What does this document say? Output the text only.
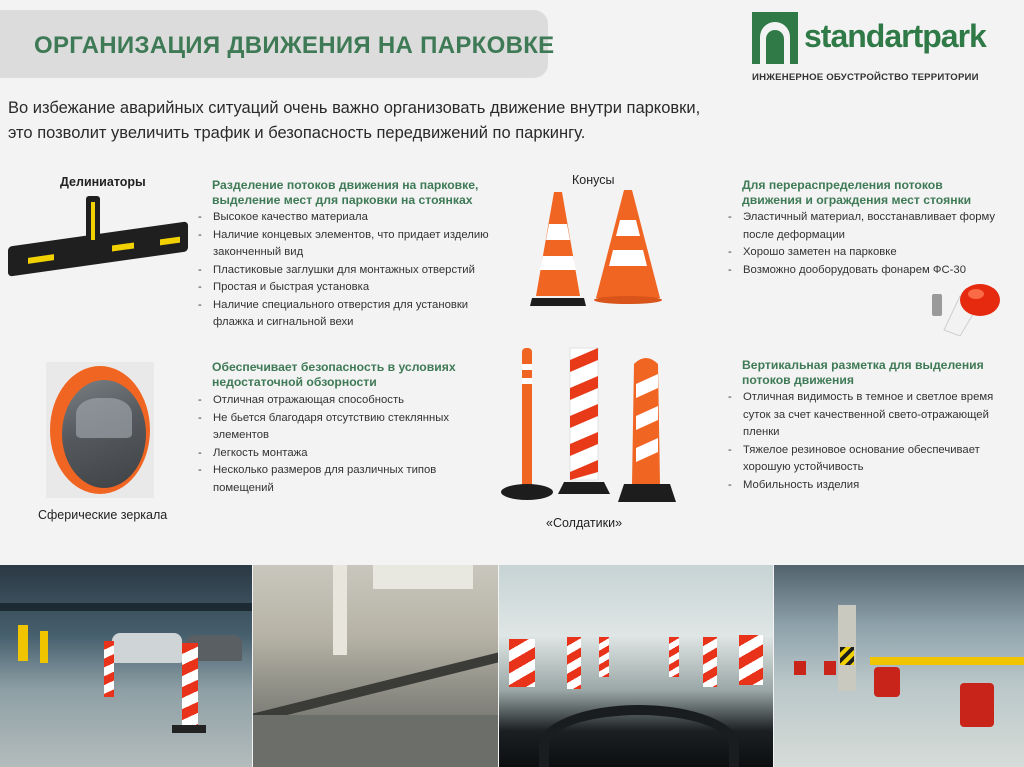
ОРГАНИЗАЦИЯ ДВИЖЕНИЯ НА ПАРКОВКЕ	standartpark
ИНЖЕНЕРНОЕ ОБУСТРОЙСТВО ТЕРРИТОРИИ

Во избежание аварийных ситуаций очень важно организовать движение внутри парковки, это позволит увеличить трафик и безопасность передвижений по паркингу.

Делиниаторы	Разделение потоков движения на парковке, выделение мест для парковки на стоянках
- Высокое качество материала
- Наличие концевых элементов, что придает изделию законченный вид
- Пластиковые заглушки для монтажных отверстий
- Простая и быстрая установка
- Наличие специального отверстия для установки флажка и сигнальной вехи
Конусы	Для перераспределения потоков движения и ограждения мест стоянки
- Эластичный материал, восстанавливает форму после деформации
- Хорошо заметен на парковке
- Возможно дооборудовать фонарем ФС-30
Сферические зеркала
Обеспечивает безопасность в условиях недостаточной обзорности
- Отличная отражающая способность
- Не бьется благодаря отсутствию стеклянных элементов
- Легкость монтажа
- Несколько размеров для различных типов помещений
«Солдатики»
Вертикальная разметка для выделения потоков движения
- Отличная видимость в темное и светлое время суток за счет качественной свето-отражающей пленки
- Тяжелое резиновое основание обеспечивает хорошую устойчивость
- Мобильность изделия
